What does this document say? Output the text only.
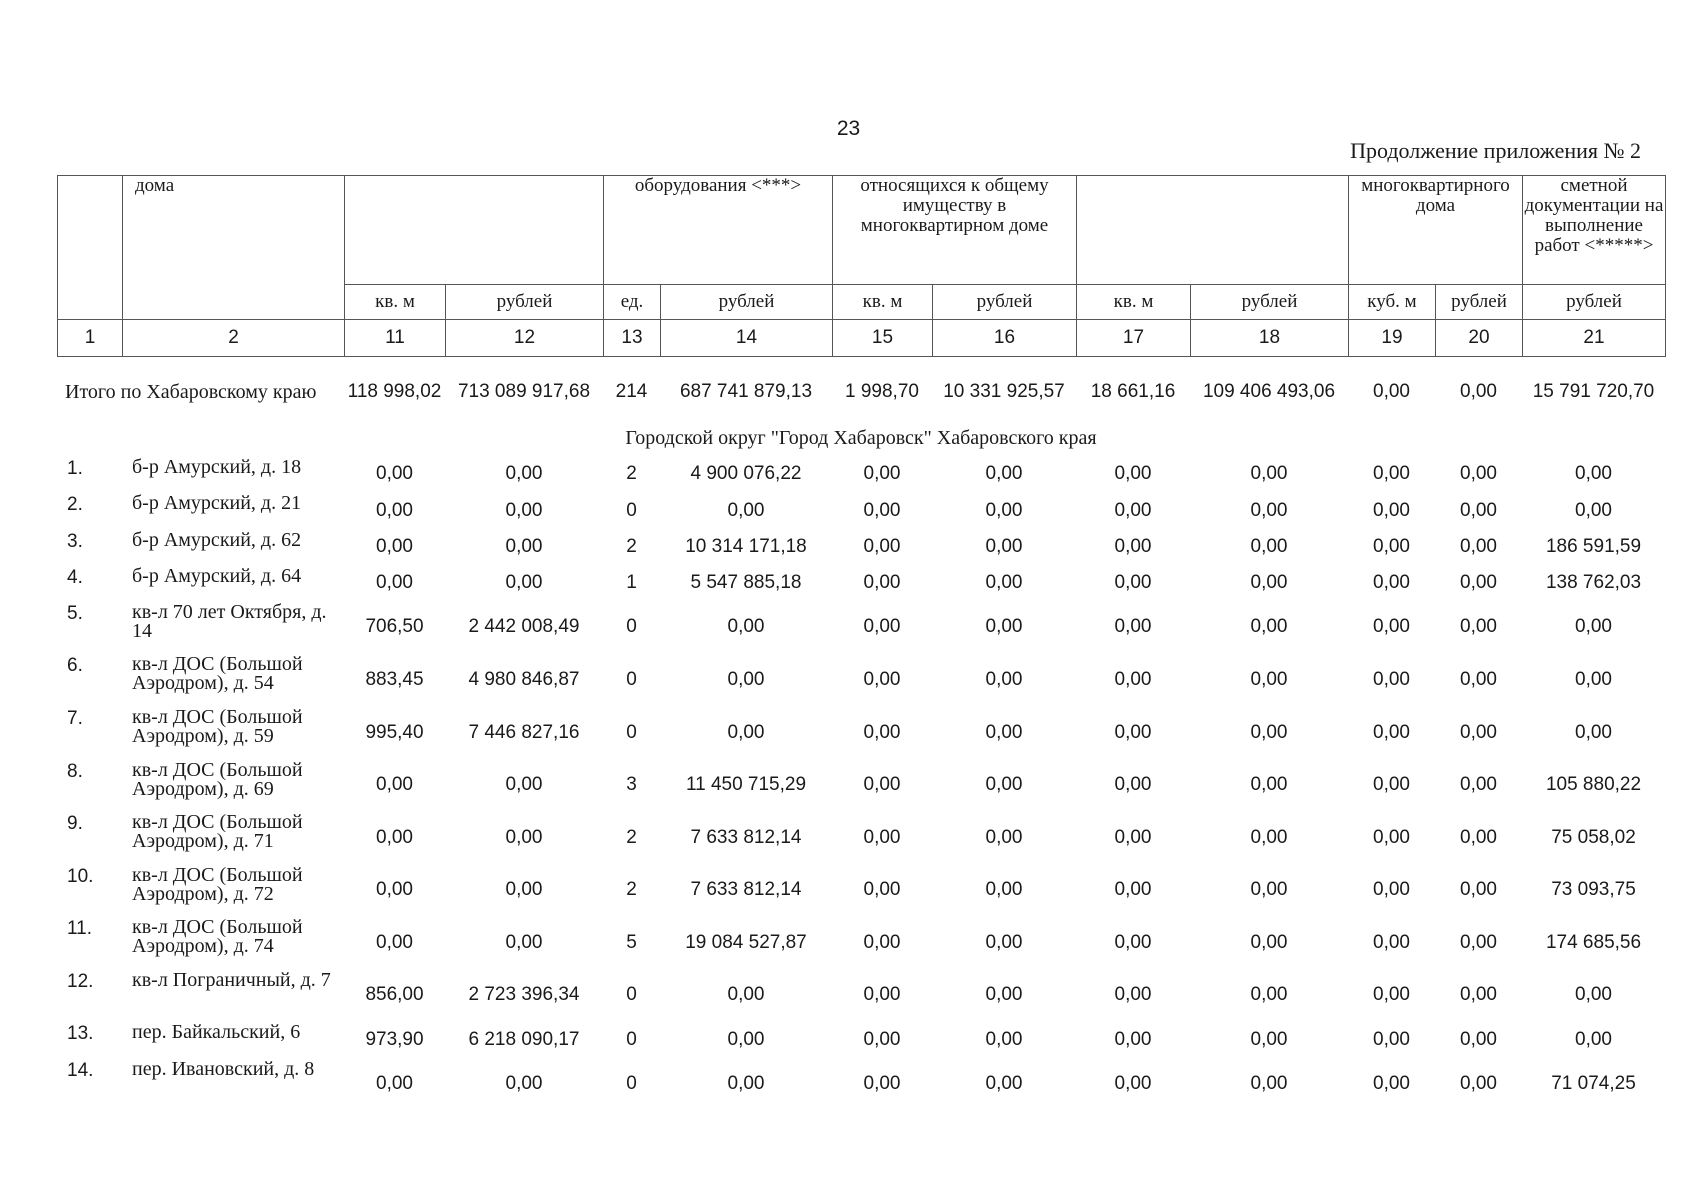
23
Продолжение приложения № 2
	дома			оборудования <***>		относящихся к общему имуществу в многоквартирном доме				многоквартирного дома		сметной документации на выполнение работ <*****>
		кв. м	рублей	ед.	рублей	кв. м	рублей	кв. м	рублей	куб. м	рублей	рублей
1	2	11	12	13	14	15	16	17	18	19	20	21
Итого по Хабаровскому краю		118 998,02	713 089 917,68	214	687 741 879,13	1 998,70	10 331 925,57	18 661,16	109 406 493,06	0,00	0,00	15 791 720,70
Городской округ "Город Хабаровск" Хабаровского края												
1.	б-р Амурский, д. 18	0,00	0,00	2	4 900 076,22	0,00	0,00	0,00	0,00	0,00	0,00	0,00
2.	б-р Амурский, д. 21	0,00	0,00	0	0,00	0,00	0,00	0,00	0,00	0,00	0,00	0,00
3.	б-р Амурский, д. 62	0,00	0,00	2	10 314 171,18	0,00	0,00	0,00	0,00	0,00	0,00	186 591,59
4.	б-р Амурский, д. 64	0,00	0,00	1	5 547 885,18	0,00	0,00	0,00	0,00	0,00	0,00	138 762,03
5.	кв-л 70 лет Октября, д. 14	706,50	2 442 008,49	0	0,00	0,00	0,00	0,00	0,00	0,00	0,00	0,00
6.	кв-л ДОС (Большой Аэродром), д. 54	883,45	4 980 846,87	0	0,00	0,00	0,00	0,00	0,00	0,00	0,00	0,00
7.	кв-л ДОС (Большой Аэродром), д. 59	995,40	7 446 827,16	0	0,00	0,00	0,00	0,00	0,00	0,00	0,00	0,00
8.	кв-л ДОС (Большой Аэродром), д. 69	0,00	0,00	3	11 450 715,29	0,00	0,00	0,00	0,00	0,00	0,00	105 880,22
9.	кв-л ДОС (Большой Аэродром), д. 71	0,00	0,00	2	7 633 812,14	0,00	0,00	0,00	0,00	0,00	0,00	75 058,02
10.	кв-л ДОС (Большой Аэродром), д. 72	0,00	0,00	2	7 633 812,14	0,00	0,00	0,00	0,00	0,00	0,00	73 093,75
11.	кв-л ДОС (Большой Аэродром), д. 74	0,00	0,00	5	19 084 527,87	0,00	0,00	0,00	0,00	0,00	0,00	174 685,56
12.	кв-л Пограничный, д. 7	856,00	2 723 396,34	0	0,00	0,00	0,00	0,00	0,00	0,00	0,00	0,00
13.	пер. Байкальский, 6	973,90	6 218 090,17	0	0,00	0,00	0,00	0,00	0,00	0,00	0,00	0,00
14.	пер. Ивановский, д. 8	0,00	0,00	0	0,00	0,00	0,00	0,00	0,00	0,00	0,00	71 074,25
